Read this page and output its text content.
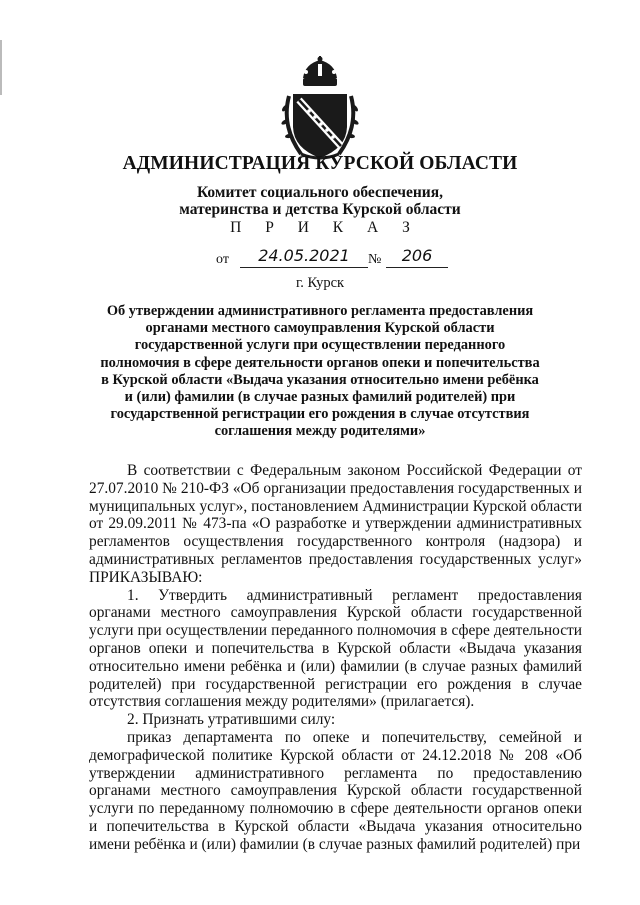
АДМИНИСТРАЦИЯ КУРСКОЙ ОБЛАСТИ
Комитет социального обеспечения,
материнства и детства Курской области
П Р И К А З
от	24.05.2021	№	206
г. Курск
Об утверждении административного регламента предоставления органами местного самоуправления Курской области государственной услуги при осуществлении переданного полномочия в сфере деятельности органов опеки и попечительства в Курской области «Выдача указания относительно имени ребёнка и (или) фамилии (в случае разных фамилий родителей) при государственной регистрации его рождения в случае отсутствия соглашения между родителями»

В соответствии с Федеральным законом Российской Федерации от 27.07.2010 № 210-ФЗ «Об организации предоставления государственных и муниципальных услуг», постановлением Администрации Курской области от 29.09.2011 № 473-па «О разработке и утверждении административных регламентов осуществления государственного контроля (надзора) и административных регламентов предоставления государственных услуг» ПРИКАЗЫВАЮ:

1. Утвердить административный регламент предоставления органами местного самоуправления Курской области государственной услуги при осуществлении переданного полномочия в сфере деятельности органов опеки и попечительства в Курской области «Выдача указания относительно имени ребёнка и (или) фамилии (в случае разных фамилий родителей) при государственной регистрации его рождения в случае отсутствия соглашения между родителями» (прилагается).

2. Признать утратившими силу:

приказ департамента по опеке и попечительству, семейной и демографической политике Курской области от 24.12.2018 № 208 «Об утверждении административного регламента по предоставлению органами местного самоуправления Курской области государственной услуги по переданному полномочию в сфере деятельности органов опеки и попечительства в Курской области «Выдача указания относительно имени ребёнка и (или) фамилии (в случае разных фамилий родителей) при
